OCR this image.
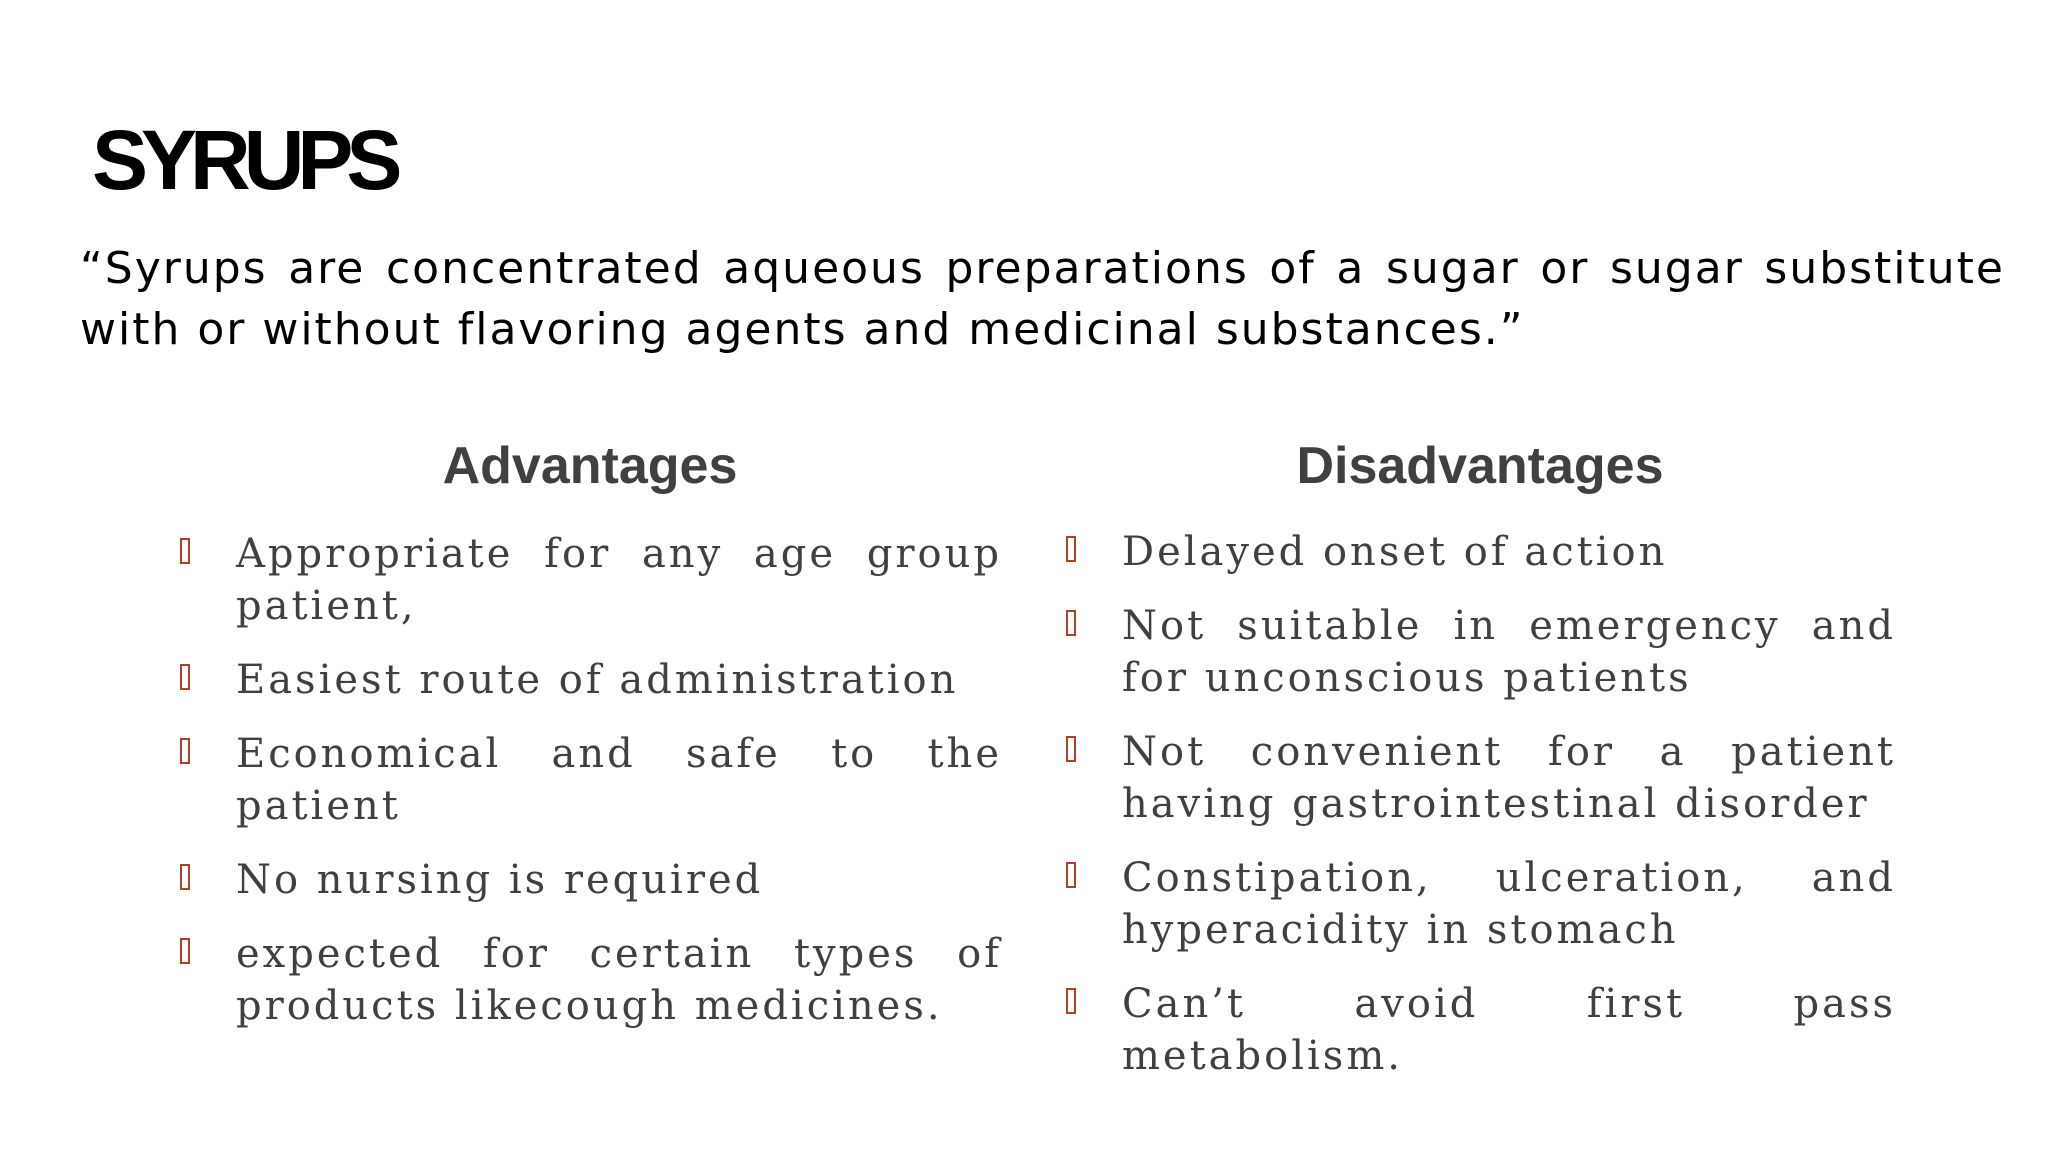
SYRUPS

“Syrups are concentrated aqueous preparations of a sugar or sugar substitute with or without flavoring agents and medicinal substances.”

Advantages	Disadvantages
Appropriate for any age group patient,
Easiest route of administration
Economical and safe to the patient
No nursing is required
expected for certain types of products likecough medicines.
Delayed onset of action
Not suitable in emergency and for unconscious patients
Not convenient for a patient having gastrointestinal disorder
Constipation, ulceration, and hyperacidity in stomach
Can’t avoid first pass metabolism.
